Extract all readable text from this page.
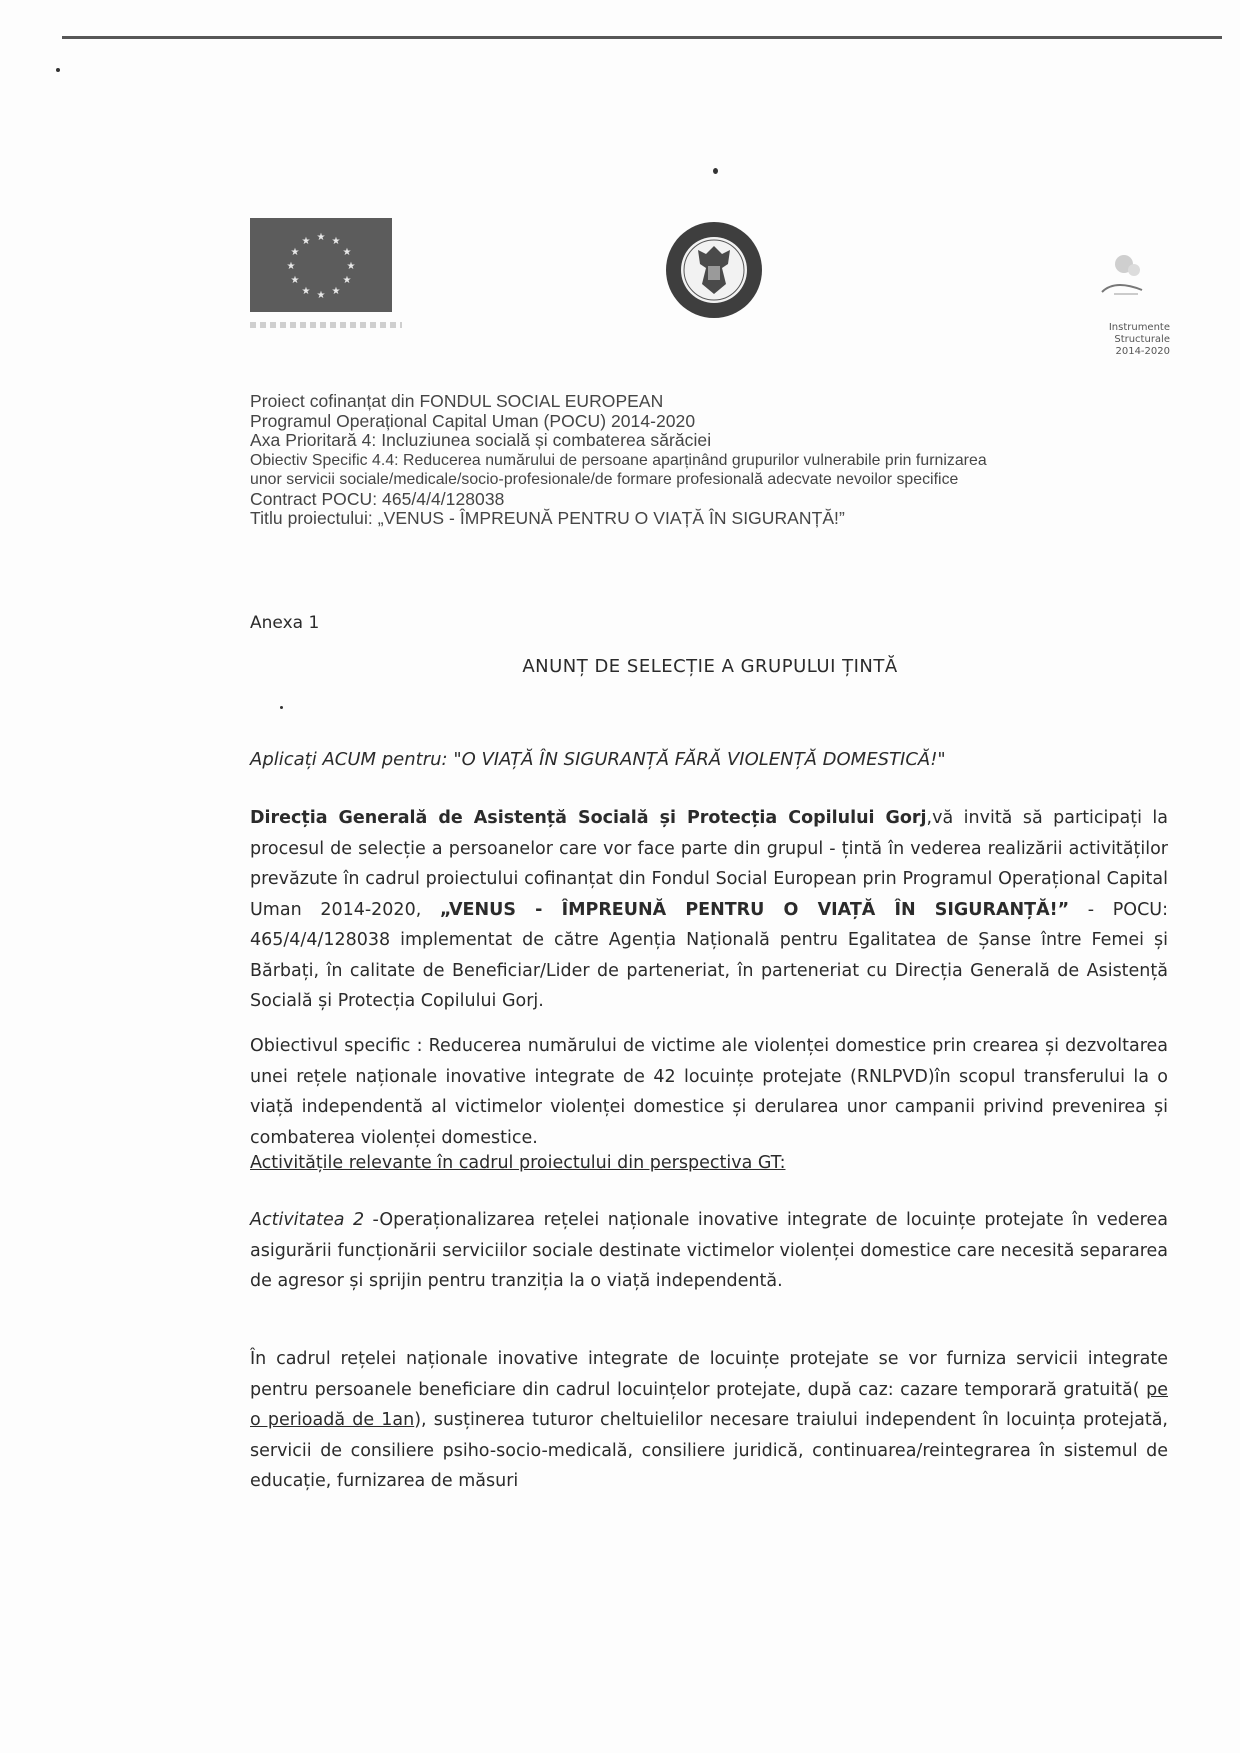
★ ★
★
★
★
★
★
★
★
★
★
★
Instrumente Structurale
2014-2020
Proiect cofinanțat din FONDUL SOCIAL EUROPEAN
Programul Operațional Capital Uman (POCU) 2014-2020
Axa Prioritară 4: Incluziunea socială și combaterea sărăciei
Obiectiv Specific 4.4: Reducerea numărului de persoane aparținând grupurilor vulnerabile prin furnizarea
unor servicii sociale/medicale/socio-profesionale/de formare profesională adecvate nevoilor specifice
Contract POCU: 465/4/4/128038
Titlu proiectului: „VENUS - ÎMPREUNĂ PENTRU O VIAȚĂ ÎN SIGURANȚĂ!”
Anexa 1
ANUNȚ DE SELECȚIE A GRUPULUI ȚINTĂ
Aplicați ACUM pentru: "O VIAȚĂ ÎN SIGURANȚĂ FĂRĂ VIOLENȚĂ DOMESTICĂ!"
Direcția Generală de Asistență Socială și Protecția Copilului Gorj,vă invită să participați la procesul de selecție a persoanelor care vor face parte din grupul - țintă în vederea realizării activităților prevăzute în cadrul proiectului cofinanțat din Fondul Social European prin Programul Operațional Capital Uman 2014-2020, „VENUS - ÎMPREUNĂ PENTRU O VIAȚĂ ÎN SIGURANȚĂ!” - POCU: 465/4/4/128038 implementat de către Agenția Națională pentru Egalitatea de Șanse între Femei și Bărbați, în calitate de Beneficiar/Lider de parteneriat, în parteneriat cu Direcția Generală de Asistență Socială și Protecția Copilului Gorj.
Obiectivul specific : Reducerea numărului de victime ale violenței domestice prin crearea și dezvoltarea unei rețele naționale inovative integrate de 42 locuințe protejate (RNLPVD)în scopul transferului la o viață independentă al victimelor violenței domestice și derularea unor campanii privind prevenirea și combaterea violenței domestice.
Activitățile relevante în cadrul proiectului din perspectiva GT:
Activitatea 2 -Operaționalizarea rețelei naționale inovative integrate de locuințe protejate în vederea asigurării funcționării serviciilor sociale destinate victimelor violenței domestice care necesită separarea de agresor și sprijin pentru tranziția la o viață independentă.
În cadrul rețelei naționale inovative integrate de locuințe protejate se vor furniza servicii integrate pentru persoanele beneficiare din cadrul locuințelor protejate, după caz: cazare temporară gratuită( pe o perioadă de 1an), susținerea tuturor cheltuielilor necesare traiului independent în locuința protejată, servicii de consiliere psiho-socio-medicală, consiliere juridică, continuarea/reintegrarea în sistemul de educație, furnizarea de măsuri
